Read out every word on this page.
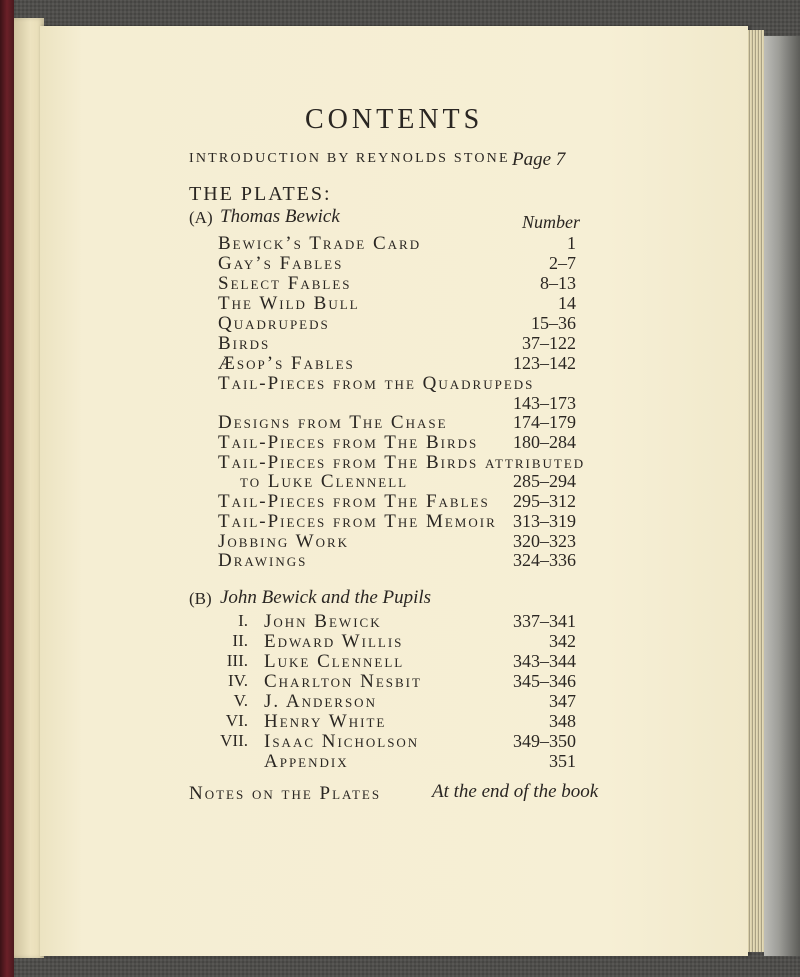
CONTENTS
INTRODUCTION BY REYNOLDS STONE Page 7
THE PLATES:
(A) Thomas Bewick	Number
Bewick’s Trade Card	1
Gay’s Fables	2–7
Select Fables	8–13
The Wild Bull	14
Quadrupeds	15–36
Birds	37–122
Æsop’s Fables	123–142
Tail-Pieces from the Quadrupeds
143–173
Designs from The Chase	174–179
Tail-Pieces from The Birds	180–284
Tail-Pieces from The Birds attributed
to Luke Clennell	285–294
Tail-Pieces from The Fables	295–312
Tail-Pieces from The Memoir 313–319
Jobbing Work	320–323
Drawings	324–336
(B) John Bewick and the Pupils
I. John Bewick	337–341
II. Edward Willis	342
III. Luke Clennell	343–344
IV. Charlton Nesbit	345–346
V. J. Anderson	347
VI. Henry White	348
VII. Isaac Nicholson	349–350
Appendix	351
Notes on the Plates	At the end of the book
